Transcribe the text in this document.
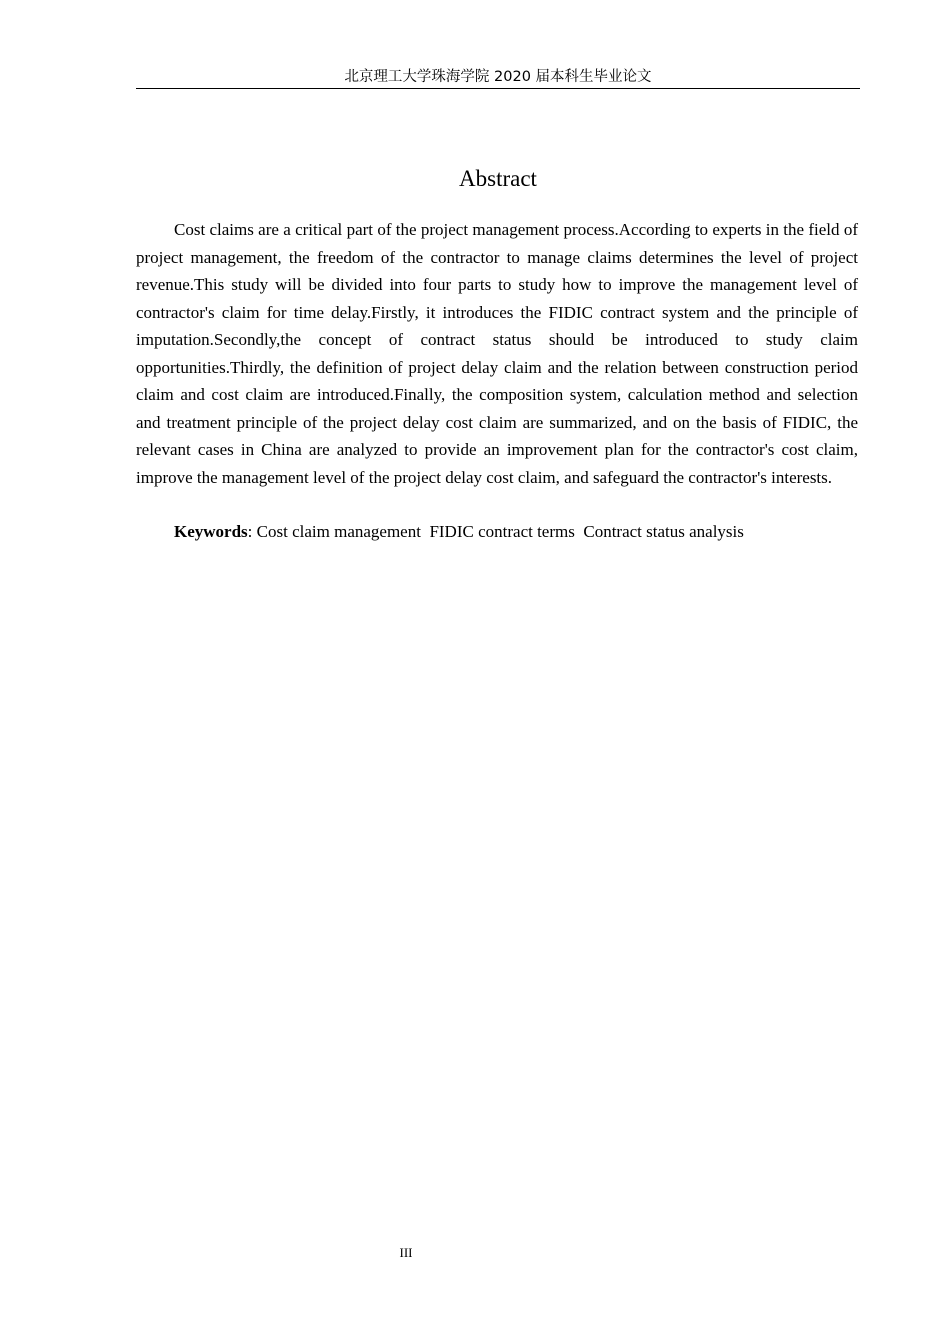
北京理工大学珠海学院 2020 届本科生毕业论文
Abstract

Cost claims are a critical part of the project management process.According to experts in the field of project management, the freedom of the contractor to manage claims determines the level of project revenue.This study will be divided into four parts to study how to improve the management level of contractor's claim for time delay.Firstly, it introduces the FIDIC contract system and the principle of imputation.Secondly,the concept of contract status should be introduced to study claim opportunities.Thirdly, the definition of project delay claim and the relation between construction period claim and cost claim are introduced.Finally, the composition system, calculation method and selection and treatment principle of the project delay cost claim are summarized, and on the basis of FIDIC, the relevant cases in China are analyzed to provide an improvement plan for the contractor's cost claim, improve the management level of the project delay cost claim, and safeguard the contractor's interests.

Keywords: Cost claim management  FIDIC contract terms  Contract status analysis

III
